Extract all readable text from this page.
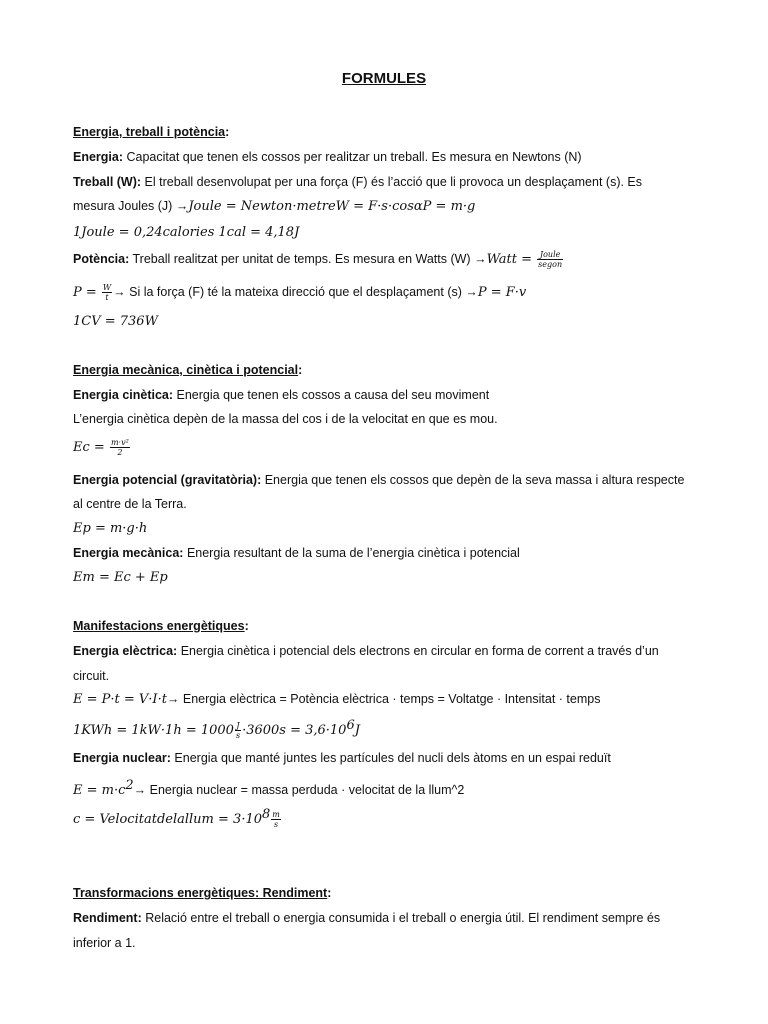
FORMULES
Energia, treball i potència:
Energia: Capacitat que tenen els cossos per realitzar un treball. Es mesura en Newtons (N)
Treball (W): El treball desenvolupat per una força (F) és l’acció que li provoca un desplaçament (s). Es
mesura Joules (J) →Joule = Newton·metreW = F·s·cosαP = m·g
1Joule = 0,24calories 1cal = 4,18J
Potència: Treball realitzat per unitat de temps. Es mesura en Watts (W) →Watt = $\frac{\text{Joule}}{\text{segon}}$
$P = \frac{W}{t} \to Si$ la força (F) té la mateixa direcció que el desplaçament (s) →P = F·v
1CV = 736W
Energia mecànica, cinètica i potencial:
Energia cinètica: Energia que tenen els cossos a causa del seu moviment
L’energia cinètica depèn de la massa del cos i de la velocitat en que es mou.
$Ec = \frac{\text{m·v²}}{2}$
Energia potencial (gravitatòria): Energia que tenen els cossos que depèn de la seva massa i altura respecte
al centre de la Terra.
Ep = m·g·h
Energia mecànica: Energia resultant de la suma de l’energia cinètica i potencial
Em = Ec + Ep
Manifestacions energètiques:
Energia elèctrica: Energia cinètica i potencial dels electrons en circular en forma de corrent a través d’un
circuit.
E = P·t = V·I·t→ Energia elèctrica = Potència elèctrica · temps = Voltatge · Intensitat · temps
$1KWh = 1kW\cdot 1h = 1000 \frac{J}{s} \cdot 3600s = 3,6\cdot 10^6J$
Energia nuclear: Energia que manté juntes les partícules del nucli dels àtoms en un espai reduït
$E = m\cdot c^2\to$ Energia nuclear = massa perduda · velocitat de la llum^2
c = Velocitatdelallum = $3\cdot 10^8 \frac{m}{s}$
Transformacions energètiques: Rendiment:
Rendiment: Relació entre el treball o energia consumida i el treball o energia útil. El rendiment sempre és
inferior a 1.
